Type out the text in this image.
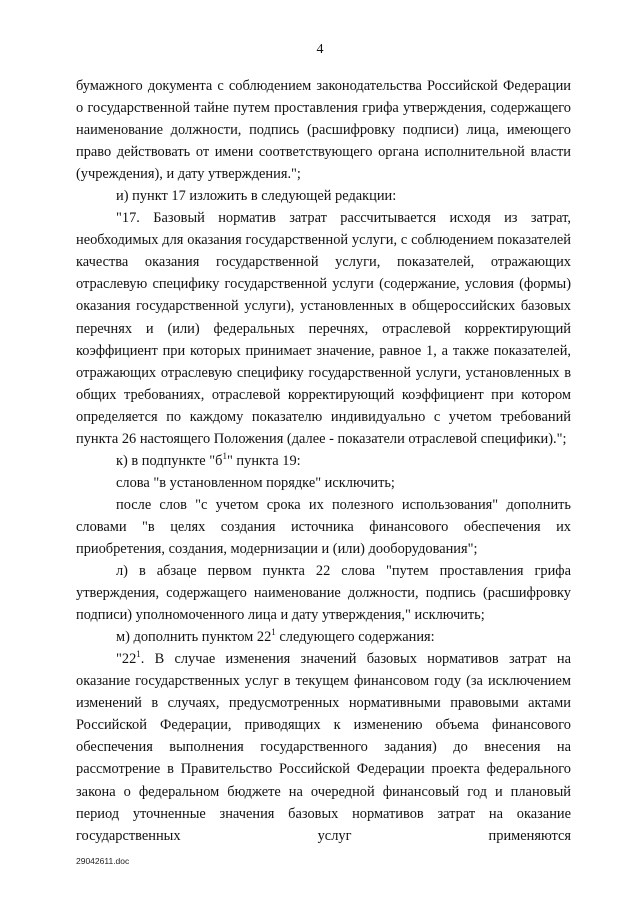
4

бумажного документа с соблюдением законодательства Российской Федерации о государственной тайне путем проставления грифа утверждения, содержащего наименование должности, подпись (расшифровку подписи) лица, имеющего право действовать от имени соответствующего органа исполнительной власти (учреждения), и дату утверждения.";

и) пункт 17 изложить в следующей редакции:

"17. Базовый норматив затрат рассчитывается исходя из затрат, необходимых для оказания государственной услуги, с соблюдением показателей качества оказания государственной услуги, показателей, отражающих отраслевую специфику государственной услуги (содержание, условия (формы) оказания государственной услуги), установленных в общероссийских базовых перечнях и (или) федеральных перечнях, отраслевой корректирующий коэффициент при которых принимает значение, равное 1, а также показателей, отражающих отраслевую специфику государственной услуги, установленных в общих требованиях, отраслевой корректирующий коэффициент при котором определяется по каждому показателю индивидуально с учетом требований пункта 26 настоящего Положения (далее - показатели отраслевой специфики).";

к) в подпункте "$б^1$" пункта 19:

слова "в установленном порядке" исключить;

после слов "с учетом срока их полезного использования" дополнить словами "в целях создания источника финансового обеспечения их приобретения, создания, модернизации и (или) дооборудования";

л) в абзаце первом пункта 22 слова "путем проставления грифа утверждения, содержащего наименование должности, подпись (расшифровку подписи) уполномоченного лица и дату утверждения," исключить;

м) дополнить пунктом $22^1$ следующего содержания:

"$22^1$. В случае изменения значений базовых нормативов затрат на оказание государственных услуг в текущем финансовом году (за исключением изменений в случаях, предусмотренных нормативными правовыми актами Российской Федерации, приводящих к изменению объема финансового обеспечения выполнения государственного задания) до внесения на рассмотрение в Правительство Российской Федерации проекта федерального закона о федеральном бюджете на очередной финансовый год и плановый период уточненные значения базовых нормативов затрат на оказание государственных услуг применяются

29042611.doc
